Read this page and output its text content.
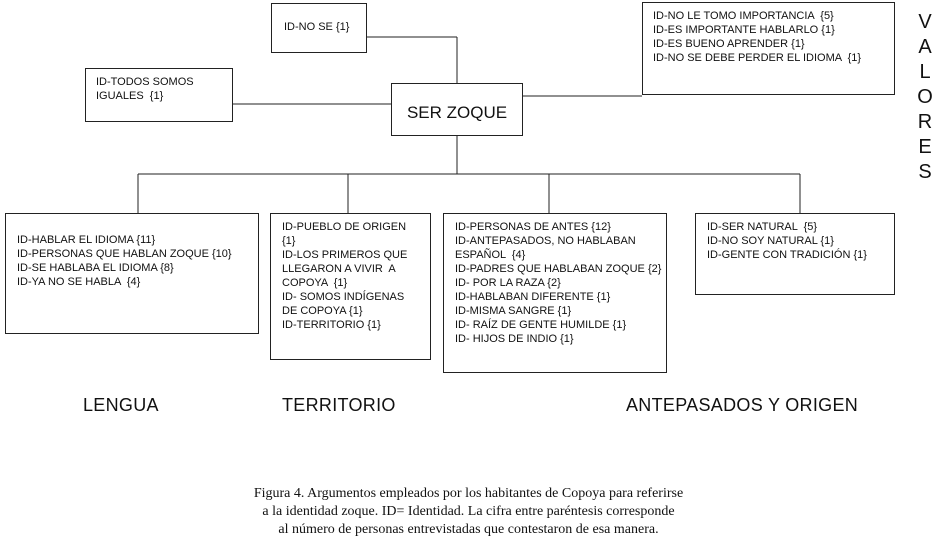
ID-NO SE {1}
ID-TODOS SOMOS
IGUALES  {1}
SER ZOQUE
ID-NO LE TOMO IMPORTANCIA  {5}
ID-ES IMPORTANTE HABLARLO {1}
ID-ES BUENO APRENDER {1}
ID-NO SE DEBE PERDER EL IDIOMA  {1}
V
A
L
O
R
E
S
ID-HABLAR EL IDIOMA {11}
ID-PERSONAS QUE HABLAN ZOQUE {10}
ID-SE HABLABA EL IDIOMA {8}
ID-YA NO SE HABLA  {4}
ID-PUEBLO DE ORIGEN
{1}
ID-LOS PRIMEROS QUE
LLEGARON A VIVIR  A
COPOYA  {1}
ID- SOMOS INDÍGENAS
DE COPOYA {1}
ID-TERRITORIO {1}
ID-PERSONAS DE ANTES {12}
ID-ANTEPASADOS, NO HABLABAN
ESPAÑOL  {4}
ID-PADRES QUE HABLABAN ZOQUE {2}
ID- POR LA RAZA {2}
ID-HABLABAN DIFERENTE {1}
ID-MISMA SANGRE {1}
ID- RAÍZ DE GENTE HUMILDE {1}
ID- HIJOS DE INDIO {1}
ID-SER NATURAL  {5}
ID-NO SOY NATURAL {1}
ID-GENTE CON TRADICIÓN {1}
LENGUA	TERRITORIO	ANTEPASADOS Y ORIGEN
Figura 4. Argumentos empleados por los habitantes de Copoya para referirse
a la identidad zoque. ID= Identidad. La cifra entre paréntesis corresponde
al número de personas entrevistadas que contestaron de esa manera.
